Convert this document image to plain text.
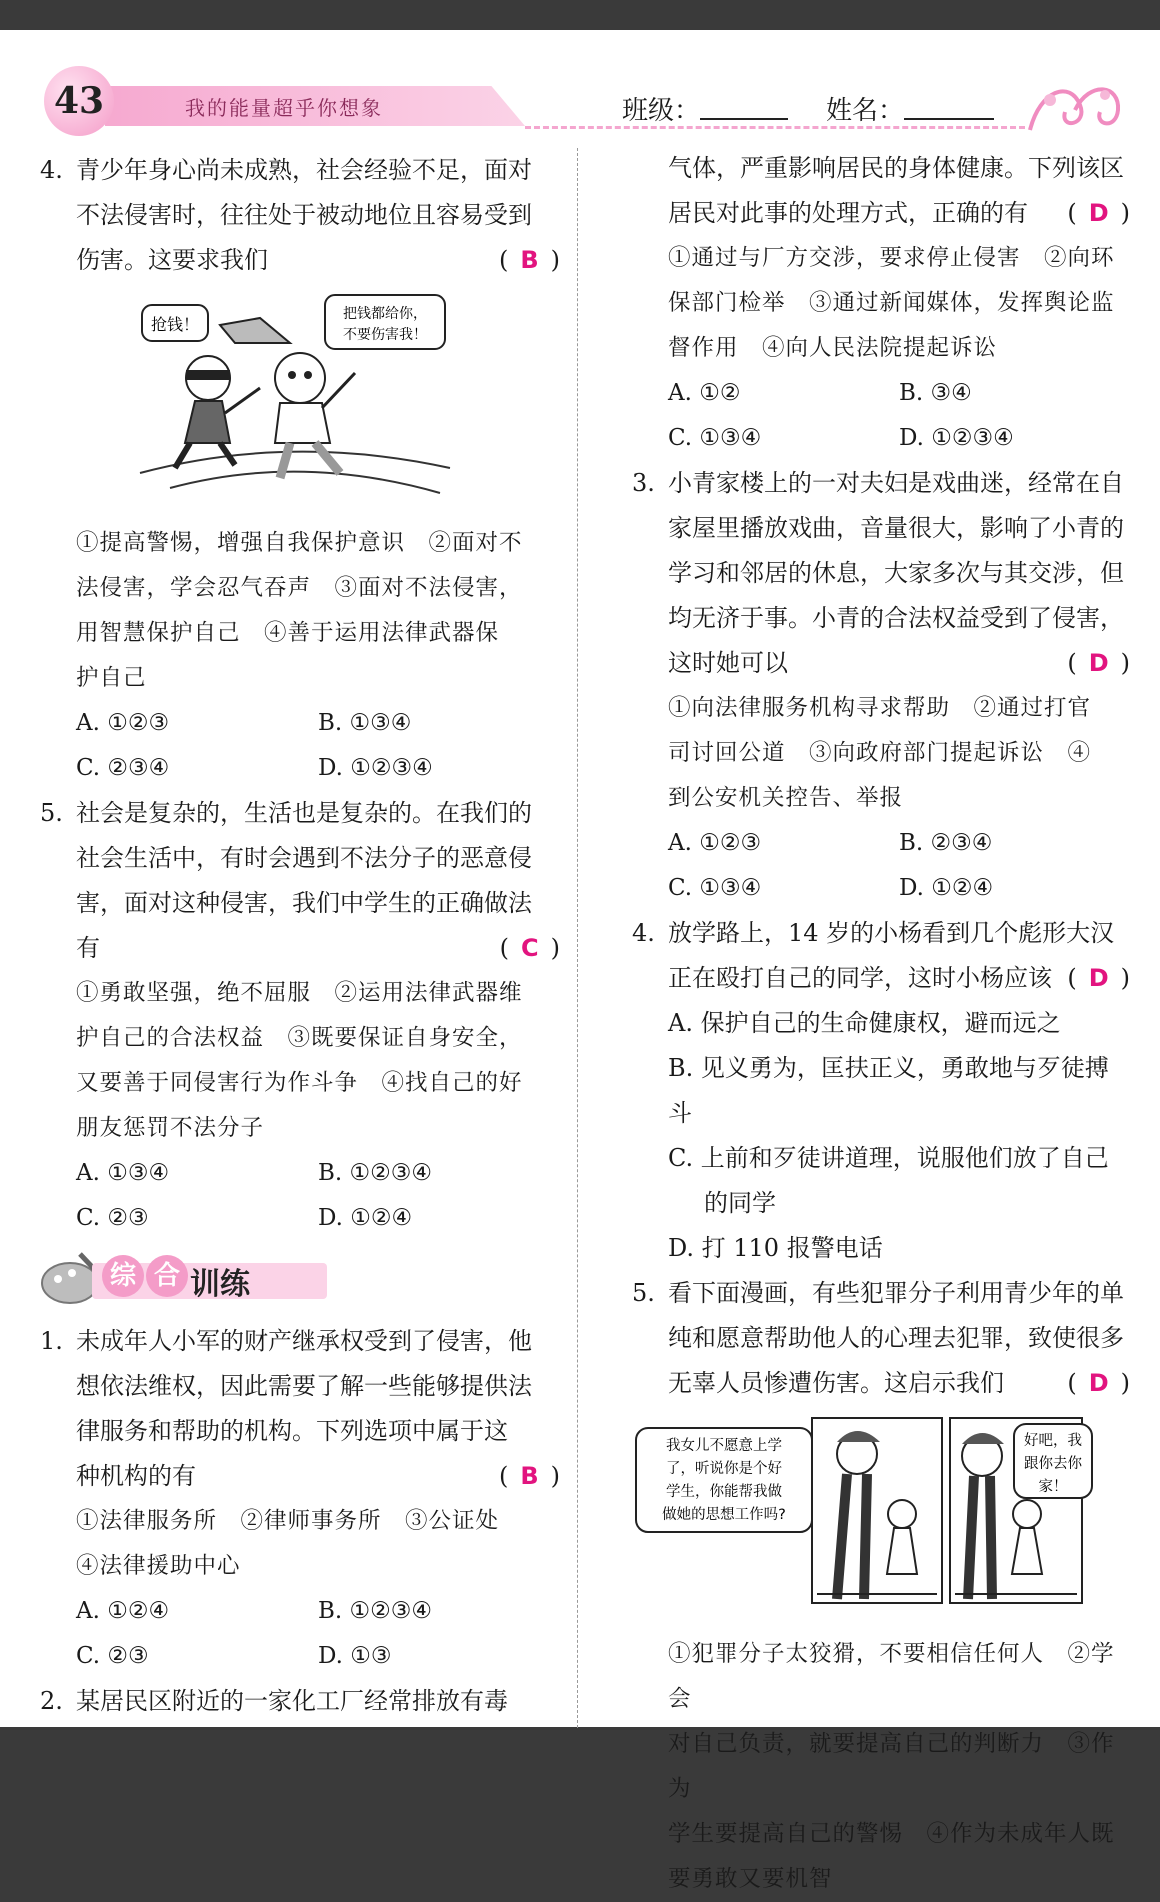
43	我的能量超乎你想象	班级：	姓名：
4. 青少年身心尚未成熟，社会经验不足，面对
不法侵害时，往往处于被动地位且容易受到
伤害。这要求我们	( B )
抢钱！
把钱都给你，
不要伤害我！
①提高警惕，增强自我保护意识　②面对不
法侵害，学会忍气吞声　③面对不法侵害，
用智慧保护自己　④善于运用法律武器保
护自己
A. ①②③	B. ①③④
C. ②③④	D. ①②③④
5. 社会是复杂的，生活也是复杂的。在我们的
社会生活中，有时会遇到不法分子的恶意侵
害，面对这种侵害，我们中学生的正确做法
有	( C )
①勇敢坚强，绝不屈服　②运用法律武器维
护自己的合法权益　③既要保证自身安全，
又要善于同侵害行为作斗争　④找自己的好
朋友惩罚不法分子
A. ①③④	B. ①②③④
C. ②③	D. ①②④
综 合 训练
1. 未成年人小军的财产继承权受到了侵害，他
想依法维权，因此需要了解一些能够提供法
律服务和帮助的机构。下列选项中属于这
种机构的有	( B )
①法律服务所　②律师事务所　③公证处
④法律援助中心
A. ①②④	B. ①②③④
C. ②③	D. ①③
2. 某居民区附近的一家化工厂经常排放有毒
气体，严重影响居民的身体健康。下列该区
居民对此事的处理方式，正确的有 ( D )
①通过与厂方交涉，要求停止侵害　②向环
保部门检举　③通过新闻媒体，发挥舆论监
督作用　④向人民法院提起诉讼
A. ①②	B. ③④
C. ①③④	D. ①②③④
3. 小青家楼上的一对夫妇是戏曲迷，经常在自
家屋里播放戏曲，音量很大，影响了小青的
学习和邻居的休息，大家多次与其交涉，但
均无济于事。小青的合法权益受到了侵害，
这时她可以	( D )
①向法律服务机构寻求帮助　②通过打官
司讨回公道　③向政府部门提起诉讼　④
到公安机关控告、举报
A. ①②③	B. ②③④
C. ①③④	D. ①②④
4. 放学路上，14 岁的小杨看到几个彪形大汉
正在殴打自己的同学，这时小杨应该 ( D )
A. 保护自己的生命健康权，避而远之
B. 见义勇为，匡扶正义，勇敢地与歹徒搏斗
C. 上前和歹徒讲道理，说服他们放了自己
的同学
D. 打 110 报警电话
5. 看下面漫画，有些犯罪分子利用青少年的单
纯和愿意帮助他人的心理去犯罪，致使很多
无辜人员惨遭伤害。这启示我们	( D )
我女儿不愿意上学
了，听说你是个好
学生，你能帮我做
做她的思想工作吗?
好吧，我
跟你去你
家！
①犯罪分子太狡猾，不要相信任何人　②学会
对自己负责，就要提高自己的判断力　③作为
学生要提高自己的警惕　④作为未成年人既
要勇敢又要机智
